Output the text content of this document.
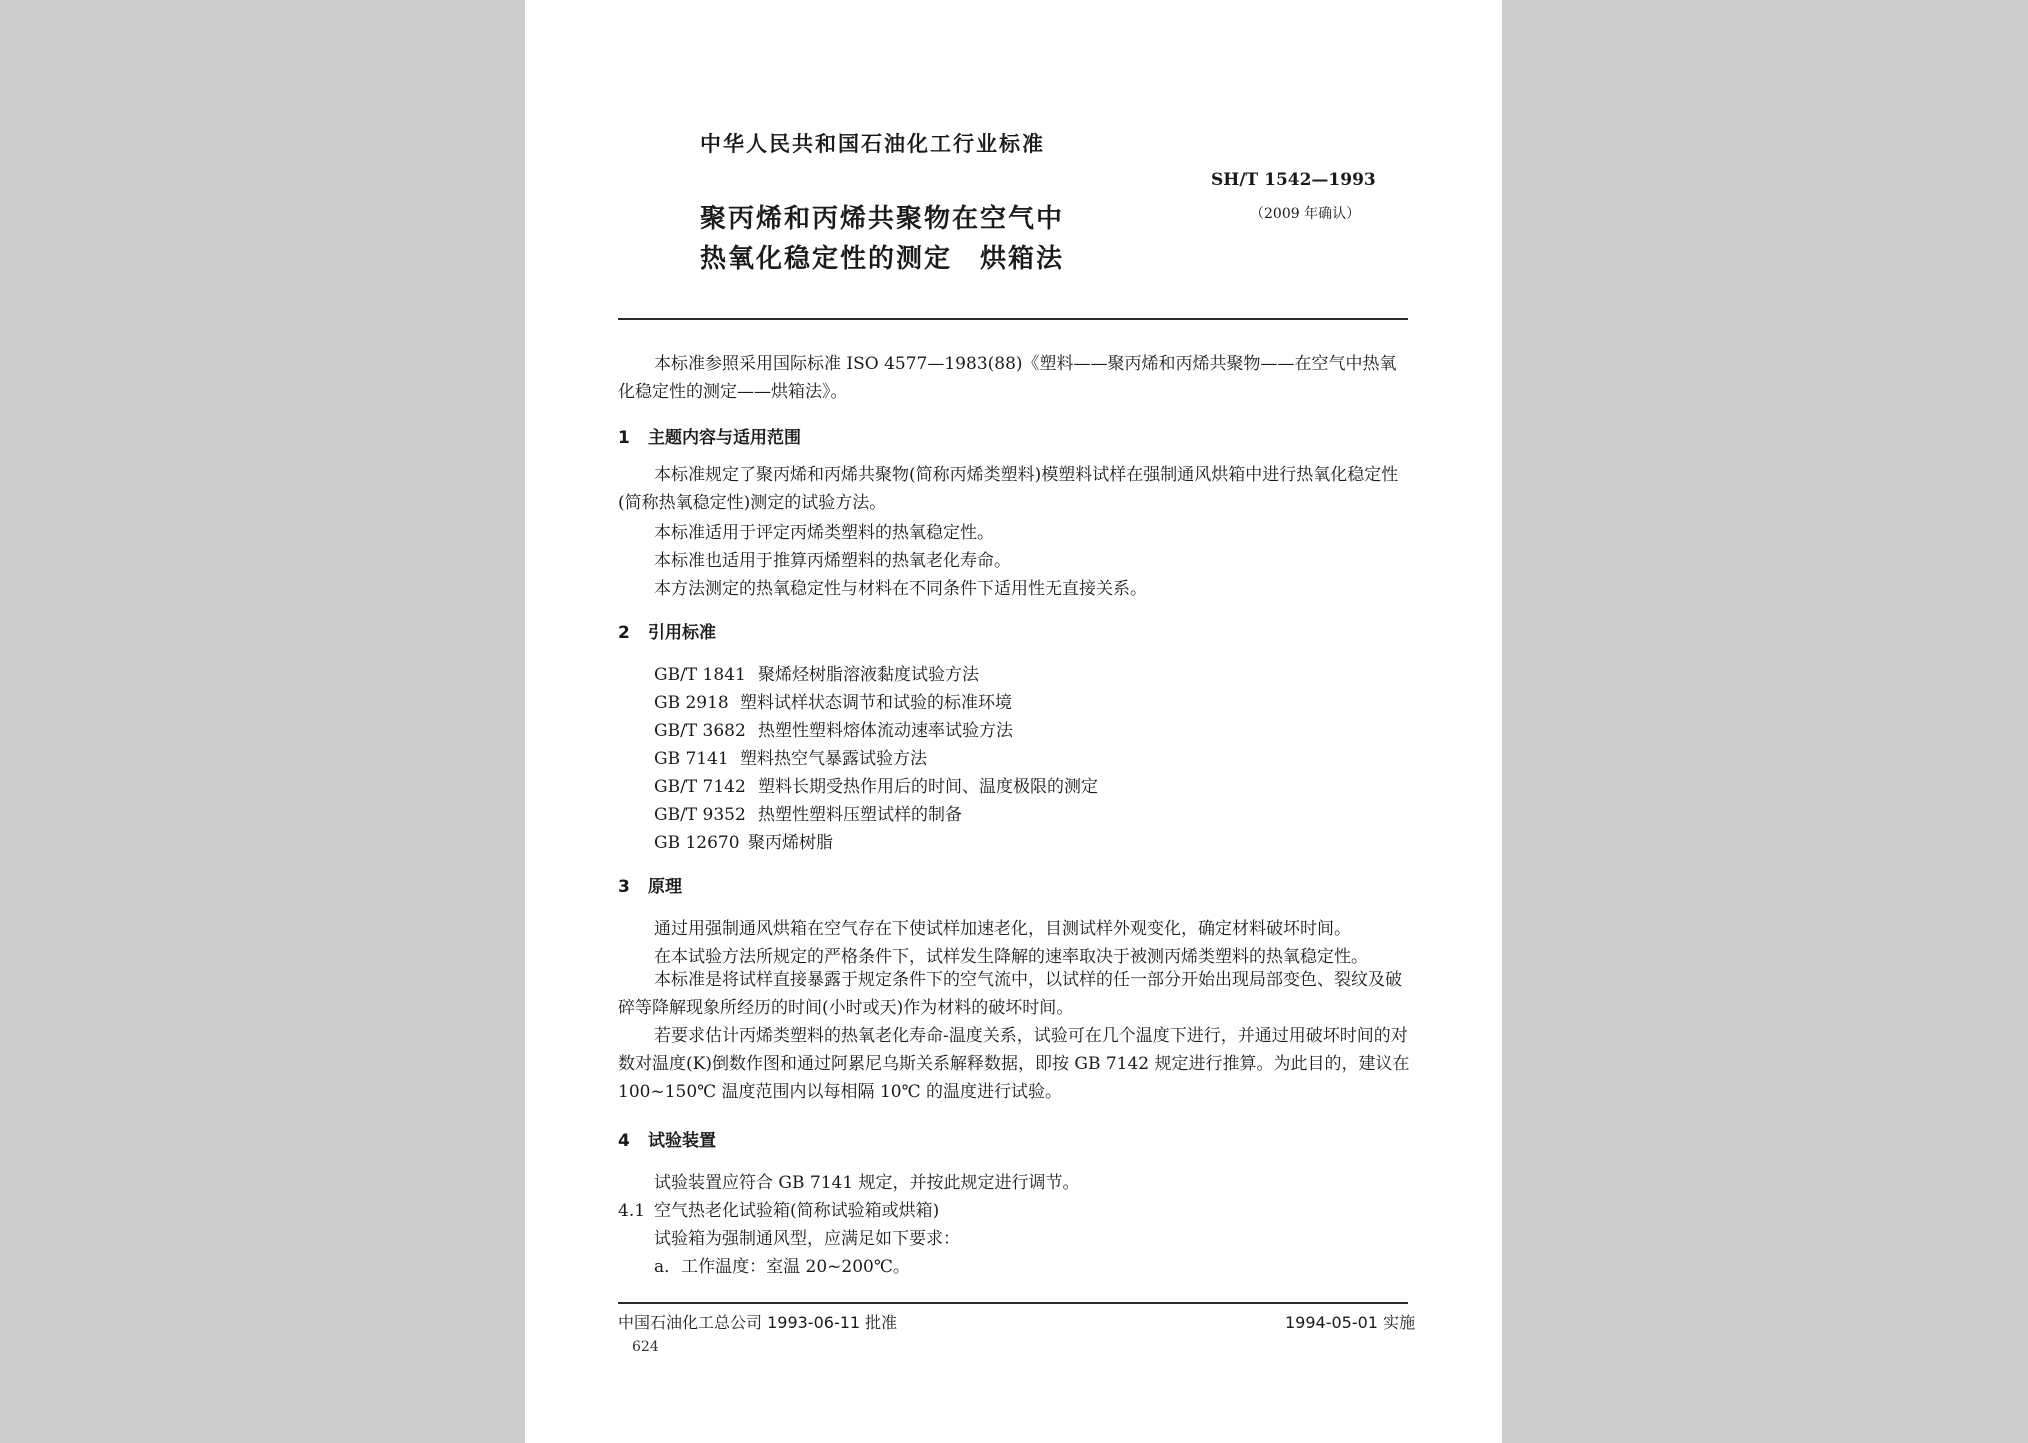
中华人民共和国石油化工行业标准
SH/T 1542—1993
（2009 年确认）
聚丙烯和丙烯共聚物在空气中
热氧化稳定性的测定　烘箱法
本标准参照采用国际标准 ISO 4577—1983(88)《塑料——聚丙烯和丙烯共聚物——在空气中热氧化稳定性的测定——烘箱法》。
1 主题内容与适用范围
本标准规定了聚丙烯和丙烯共聚物(简称丙烯类塑料)模塑料试样在强制通风烘箱中进行热氧化稳定性(简称热氧稳定性)测定的试验方法。
本标准适用于评定丙烯类塑料的热氧稳定性。
本标准也适用于推算丙烯塑料的热氧老化寿命。
本方法测定的热氧稳定性与材料在不同条件下适用性无直接关系。
2 引用标准
GB/T 1841 聚烯烃树脂溶液黏度试验方法
GB 2918 塑料试样状态调节和试验的标准环境
GB/T 3682 热塑性塑料熔体流动速率试验方法
GB 7141 塑料热空气暴露试验方法
GB/T 7142 塑料长期受热作用后的时间、温度极限的测定
GB/T 9352 热塑性塑料压塑试样的制备
GB 12670 聚丙烯树脂
3 原理
通过用强制通风烘箱在空气存在下使试样加速老化，目测试样外观变化，确定材料破坏时间。
在本试验方法所规定的严格条件下，试样发生降解的速率取决于被测丙烯类塑料的热氧稳定性。
本标准是将试样直接暴露于规定条件下的空气流中，以试样的任一部分开始出现局部变色、裂纹及破碎等降解现象所经历的时间(小时或天)作为材料的破坏时间。
若要求估计丙烯类塑料的热氧老化寿命-温度关系，试验可在几个温度下进行，并通过用破坏时间的对数对温度(K)倒数作图和通过阿累尼乌斯关系解释数据，即按 GB 7142 规定进行推算。为此目的，建议在 100~150℃ 温度范围内以每相隔 10℃ 的温度进行试验。
4 试验装置
试验装置应符合 GB 7141 规定，并按此规定进行调节。
4.1 空气热老化试验箱(简称试验箱或烘箱)
试验箱为强制通风型，应满足如下要求：
a．工作温度：室温 20~200℃。
中国石油化工总公司 1993-06-11 批准	1994-05-01 实施
624
